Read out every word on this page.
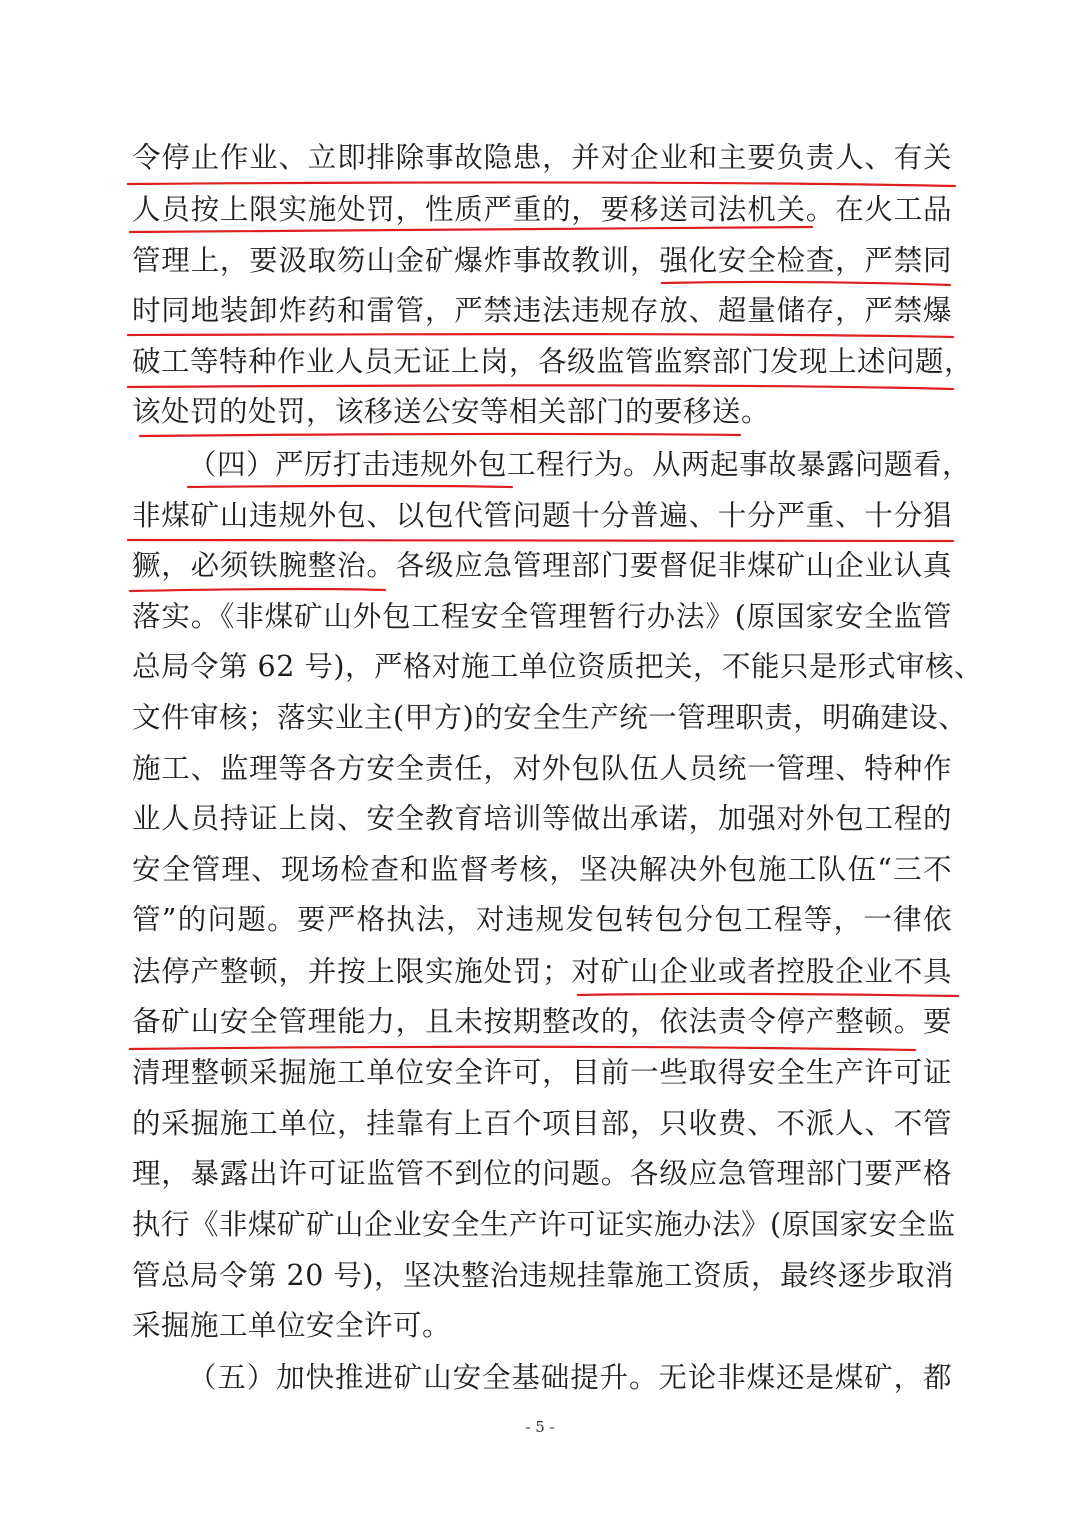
令停止作业、立即排除事故隐患，并对企业和主要负责人、有关
人员按上限实施处罚，性质严重的，要移送司法机关。在火工品
管理上，要汲取笏山金矿爆炸事故教训，强化安全检查，严禁同
时同地装卸炸药和雷管，严禁违法违规存放、超量储存，严禁爆
破工等特种作业人员无证上岗，各级监管监察部门发现上述问题，
该处罚的处罚，该移送公安等相关部门的要移送。
（四）严厉打击违规外包工程行为。从两起事故暴露问题看，
非煤矿山违规外包、以包代管问题十分普遍、十分严重、十分猖
獗，必须铁腕整治。各级应急管理部门要督促非煤矿山企业认真
落实。《非煤矿山外包工程安全管理暂行办法》(原国家安全监管
总局令第 62 号)，严格对施工单位资质把关，不能只是形式审核、
文件审核；落实业主(甲方)的安全生产统一管理职责，明确建设、
施工、监理等各方安全责任，对外包队伍人员统一管理、特种作
业人员持证上岗、安全教育培训等做出承诺，加强对外包工程的
安全管理、现场检查和监督考核，坚决解决外包施工队伍“三不
管”的问题。要严格执法，对违规发包转包分包工程等，一律依
法停产整顿，并按上限实施处罚；对矿山企业或者控股企业不具
备矿山安全管理能力，且未按期整改的，依法责令停产整顿。要
清理整顿采掘施工单位安全许可，目前一些取得安全生产许可证
的采掘施工单位，挂靠有上百个项目部，只收费、不派人、不管
理，暴露出许可证监管不到位的问题。各级应急管理部门要严格
执行《非煤矿矿山企业安全生产许可证实施办法》(原国家安全监
管总局令第 20 号)，坚决整治违规挂靠施工资质，最终逐步取消
采掘施工单位安全许可。
（五）加快推进矿山安全基础提升。无论非煤还是煤矿，都
- 5 -
